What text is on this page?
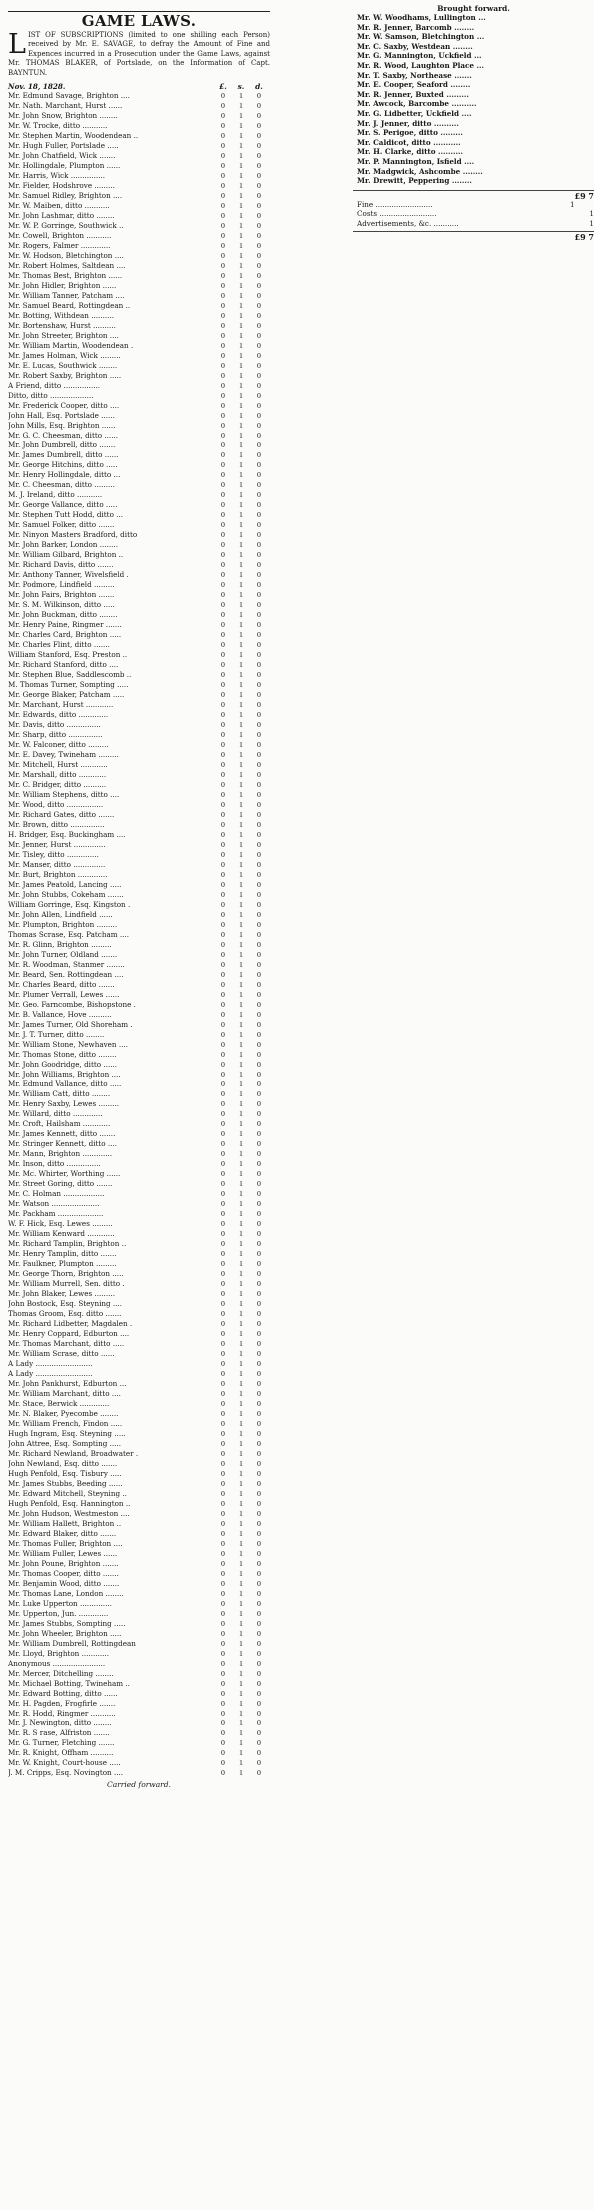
GAME LAWS.
LIST OF SUBSCRIPTIONS (limited to one shilling each Person) received by Mr. E. SAVAGE, to defray the Amount of Fine and Expences incurred in a Prosecution under the Game Laws, against Mr. THOMAS BLAKER, of Portslade, on the Information of Capt. BAYNTUN.
Nov. 18, 1828.	£.	s.	d.
Mr. Edmund Savage, Brighton ....	0	1	0
Mr. Nath. Marchant, Hurst ......	0	1	0
Mr. John Snow, Brighton ........	0	1	0
Mr. W. Trocke, ditto ...........	0	1	0
Mr. Stephen Martin, Woodendean ..	0	1	0
Mr. Hugh Fuller, Portslade .....	0	1	0
Mr. John Chatfield, Wick .......	0	1	0
Mr. Hollingdale, Plumpton ......	0	1	0
Mr. Harris, Wick ...............	0	1	0
Mr. Fielder, Hodshrove .........	0	1	0
Mr. Samuel Ridley, Brighton ....	0	1	0
Mr. W. Maiben, ditto ...........	0	1	0
Mr. John Lashmar, ditto ........	0	1	0
Mr. W. P. Gorringe, Southwick ..	0	1	0
Mr. Cowell, Brighton ...........	0	1	0
Mr. Rogers, Falmer .............	0	1	0
Mr. W. Hodson, Bletchington ....	0	1	0
Mr. Robert Holmes, Saltdean ....	0	1	0
Mr. Thomas Best, Brighton ......	0	1	0
Mr. John Hidler, Brighton ......	0	1	0
Mr. William Tanner, Patcham ....	0	1	0
Mr. Samuel Beard, Rottingdean ..	0	1	0
Mr. Botting, Withdean ..........	0	1	0
Mr. Bortenshaw, Hurst ..........	0	1	0
Mr. John Streeter, Brighton ....	0	1	0
Mr. William Martin, Woodendean .	0	1	0
Mr. James Holman, Wick .........	0	1	0
Mr. E. Lucas, Southwick ........	0	1	0
Mr. Robert Saxby, Brighton .....	0	1	0
A Friend, ditto ................	0	1	0
Ditto, ditto ...................	0	1	0
Mr. Frederick Cooper, ditto ....	0	1	0
John Hall, Esq. Portslade ......	0	1	0
John Mills, Esq. Brighton ......	0	1	0
Mr. G. C. Cheesman, ditto ......	0	1	0
Mr. John Dumbrell, ditto .......	0	1	0
Mr. James Dumbrell, ditto ......	0	1	0
Mr. George Hitchins, ditto .....	0	1	0
Mr. Henry Hollingdale, ditto ...	0	1	0
Mr. C. Cheesman, ditto .........	0	1	0
M. J. Ireland, ditto ...........	0	1	0
Mr. George Vallance, ditto .....	0	1	0
Mr. Stephen Tutt Hodd, ditto ...	0	1	0
Mr. Samuel Folker, ditto .......	0	1	0
Mr. Ninyon Masters Bradford, ditto	0	1	0
Mr. John Barker, London ........	0	1	0
Mr. William Gilbard, Brighton ..	0	1	0
Mr. Richard Davis, ditto .......	0	1	0
Mr. Anthony Tanner, Wivelsfield .	0	1	0
Mr. Podmore, Lindfield .........	0	1	0
Mr. John Fairs, Brighton .......	0	1	0
Mr. S. M. Wilkinson, ditto .....	0	1	0
Mr. John Buckman, ditto ........	0	1	0
Mr. Henry Paine, Ringmer .......	0	1	0
Mr. Charles Card, Brighton .....	0	1	0
Mr. Charles Flint, ditto .......	0	1	0
William Stanford, Esq. Preston ..	0	1	0
Mr. Richard Stanford, ditto ....	0	1	0
Mr. Stephen Blue, Saddlescomb ..	0	1	0
M. Thomas Turner, Sompting .....	0	1	0
Mr. George Blaker, Patcham .....	0	1	0
Mr. Marchant, Hurst ............	0	1	0
Mr. Edwards, ditto .............	0	1	0
Mr. Davis, ditto ...............	0	1	0
Mr. Sharp, ditto ...............	0	1	0
Mr. W. Falconer, ditto .........	0	1	0
Mr. E. Davey, Twineham .........	0	1	0
Mr. Mitchell, Hurst ............	0	1	0
Mr. Marshall, ditto ............	0	1	0
Mr. C. Bridger, ditto ..........	0	1	0
Mr. William Stephens, ditto ....	0	1	0
Mr. Wood, ditto ................	0	1	0
Mr. Richard Gates, ditto .......	0	1	0
Mr. Brown, ditto ...............	0	1	0
H. Bridger, Esq. Buckingham ....	0	1	0
Mr. Jenner, Hurst ..............	0	1	0
Mr. Tisley, ditto ..............	0	1	0
Mr. Manser, ditto ..............	0	1	0
Mr. Burt, Brighton .............	0	1	0
Mr. James Peatold, Lancing .....	0	1	0
Mr. John Stubbs, Cokeham .......	0	1	0
William Gorringe, Esq. Kingston .	0	1	0
Mr. John Allen, Lindfield ......	0	1	0
Mr. Plumpton, Brighton .........	0	1	0
Thomas Scrase, Esq. Patcham ....	0	1	0
Mr. R. Glinn, Brighton .........	0	1	0
Mr. John Turner, Oldland .......	0	1	0
Mr. R. Woodman, Stanmer ........	0	1	0
Mr. Beard, Sen. Rottingdean ....	0	1	0
Mr. Charles Beard, ditto .......	0	1	0
Mr. Plumer Verrall, Lewes ......	0	1	0
Mr. Geo. Farncombe, Bishopstone .	0	1	0
Mr. B. Vallance, Hove ..........	0	1	0
Mr. James Turner, Old Shoreham .	0	1	0
Mr. J. T. Turner, ditto ........	0	1	0
Mr. William Stone, Newhaven ....	0	1	0
Mr. Thomas Stone, ditto ........	0	1	0
Mr. John Goodridge, ditto ......	0	1	0
Mr. John Williams, Brighton ....	0	1	0
Mr. Edmund Vallance, ditto .....	0	1	0
Mr. William Catt, ditto ........	0	1	0
Mr. Henry Saxby, Lewes .........	0	1	0
Mr. Willard, ditto .............	0	1	0
Mr. Croft, Hailsham ............	0	1	0
Mr. James Kennett, ditto .......	0	1	0
Mr. Stringer Kennett, ditto ....	0	1	0
Mr. Mann, Brighton .............	0	1	0
Mr. Inson, ditto ...............	0	1	0
Mr. Mc. Whirter, Worthing ......	0	1	0
Mr. Street Goring, ditto .......	0	1	0
Mr. C. Holman ..................	0	1	0
Mr. Watson .....................	0	1	0
Mr. Packham ....................	0	1	0
W. F. Hick, Esq. Lewes .........	0	1	0
Mr. William Kenward ............	0	1	0
Mr. Richard Tamplin, Brighton ..	0	1	0
Mr. Henry Tamplin, ditto .......	0	1	0
Mr. Faulkner, Plumpton .........	0	1	0
Mr. George Thorn, Brighton .....	0	1	0
Mr. William Murrell, Sen. ditto .	0	1	0
Mr. John Blaker, Lewes .........	0	1	0
John Bostock, Esq. Steyning ....	0	1	0
Thomas Groom, Esq. ditto .......	0	1	0
Mr. Richard Lidbetter, Magdalen .	0	1	0
Mr. Henry Coppard, Edburton ....	0	1	0
Mr. Thomas Marchant, ditto .....	0	1	0
Mr. William Scrase, ditto ......	0	1	0
A Lady .........................	0	1	0
A Lady .........................	0	1	0
Mr. John Pankhurst, Edburton ...	0	1	0
Mr. William Marchant, ditto ....	0	1	0
Mr. Stace, Berwick .............	0	1	0
Mr. N. Blaker, Pyecombe ........	0	1	0
Mr. William French, Findon .....	0	1	0
Hugh Ingram, Esq. Steyning .....	0	1	0
John Attree, Esq. Sompting .....	0	1	0
Mr. Richard Newland, Broadwater .	0	1	0
John Newland, Esq. ditto .......	0	1	0
Hugh Penfold, Esq. Tisbury .....	0	1	0
Mr. James Stubbs, Beeding ......	0	1	0
Mr. Edward Mitchell, Steyning ..	0	1	0
Hugh Penfold, Esq. Hannington ..	0	1	0
Mr. John Hudson, Westmeston ....	0	1	0
Mr. William Hallett, Brighton ..	0	1	0
Mr. Edward Blaker, ditto .......	0	1	0
Mr. Thomas Fuller, Brighton ....	0	1	0
Mr. William Fuller, Lewes ......	0	1	0
Mr. John Poune, Brighton .......	0	1	0
Mr. Thomas Cooper, ditto .......	0	1	0
Mr. Benjamin Wood, ditto .......	0	1	0
Mr. Thomas Lane, London ........	0	1	0
Mr. Luke Upperton ..............	0	1	0
Mr. Upperton, Jun. .............	0	1	0
Mr. James Stubbs, Sompting .....	0	1	0
Mr. John Wheeler, Brighton .....	0	1	0
Mr. William Dumbrell, Rottingdean	0	1	0
Mr. Lloyd, Brighton ............	0	1	0
Anonymous .......................	0	1	0
Mr. Mercer, Ditchelling ........	0	1	0
Mr. Michael Botting, Twineham ..	0	1	0
Mr. Edward Botting, ditto ......	0	1	0
Mr. H. Pagden, Frogfirle .......	0	1	0
Mr. R. Hodd, Ringmer ...........	0	1	0
Mr. J. Newington, ditto ........	0	1	0
Mr. R. S rase, Alfriston .......	0	1	0
Mr. G. Turner, Fletching .......	0	1	0
Mr. R. Knight, Offham ..........	0	1	0
Mr. W. Knight, Court-house .....	0	1	0
J. M. Cripps, Esq. Novington ....	0	1	0
Carried forward.
Brought forward.
Mr. W. Woodhams, Lullington ...
Mr. R. Jenner, Barcomb ........
Mr. W. Samson, Bletchington ...
Mr. C. Saxby, Westdean ........
Mr. G. Mannington, Uckfield ...
Mr. R. Wood, Laughton Place ...
Mr. T. Saxby, Northease .......
Mr. E. Cooper, Seaford ........
Mr. R. Jenner, Buxted .........
Mr. Awcock, Barcombe ..........
Mr. G. Lidbetter, Uckfield ....
Mr. J. Jenner, ditto ..........
Mr. S. Perigoe, ditto .........
Mr. Caldicot, ditto ...........
Mr. H. Clarke, ditto ..........
Mr. P. Mannington, Isfield ....
Mr. Madgwick, Ashcombe ........
Mr. Drewitt, Peppering ........
£9 7
Fine .........................	1
Costs .........................	1
Advertisements, &c. ...........	1
£9 7
